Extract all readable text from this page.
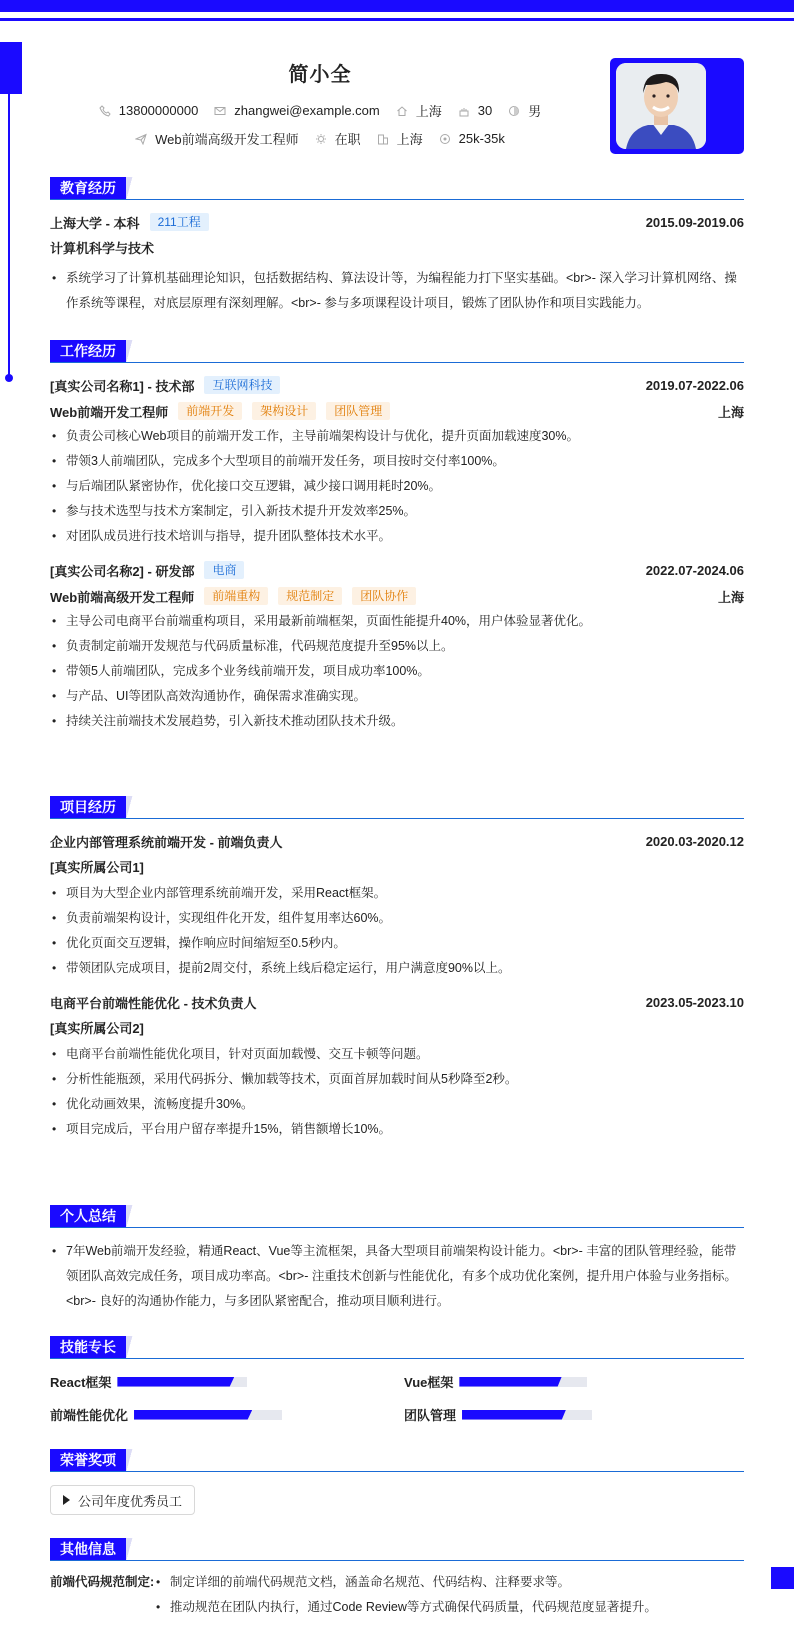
简小全
13800000000	zhangwei@example.com	上海	30	男
Web前端高级开发工程师	在职	上海	25k-35k
教育经历
上海大学 - 本科	211工程	2015.09-2019.06
计算机科学与技术
• 系统学习了计算机基础理论知识，包括数据结构、算法设计等，为编程能力打下坚实基础。<br>- 深入学习计算机网络、操作系统等课程，对底层原理有深刻理解。<br>- 参与多项课程设计项目，锻炼了团队协作和项目实践能力。
工作经历
[真实公司名称1] - 技术部	互联网科技	2019.07-2022.06
Web前端开发工程师	前端开发	架构设计	团队管理	上海
• 负责公司核心Web项目的前端开发工作，主导前端架构设计与优化，提升页面加载速度30%。
• 带领3人前端团队，完成多个大型项目的前端开发任务，项目按时交付率100%。
• 与后端团队紧密协作，优化接口交互逻辑，减少接口调用耗时20%。
• 参与技术选型与技术方案制定，引入新技术提升开发效率25%。
• 对团队成员进行技术培训与指导，提升团队整体技术水平。
[真实公司名称2] - 研发部	电商	2022.07-2024.06
Web前端高级开发工程师	前端重构	规范制定	团队协作	上海
• 主导公司电商平台前端重构项目，采用最新前端框架，页面性能提升40%，用户体验显著优化。
• 负责制定前端开发规范与代码质量标准，代码规范度提升至95%以上。
• 带领5人前端团队，完成多个业务线前端开发，项目成功率100%。
• 与产品、UI等团队高效沟通协作，确保需求准确实现。
• 持续关注前端技术发展趋势，引入新技术推动团队技术升级。
项目经历
企业内部管理系统前端开发 - 前端负责人	2020.03-2020.12
[真实所属公司1]
• 项目为大型企业内部管理系统前端开发，采用React框架。
• 负责前端架构设计，实现组件化开发，组件复用率达60%。
• 优化页面交互逻辑，操作响应时间缩短至0.5秒内。
• 带领团队完成项目，提前2周交付，系统上线后稳定运行，用户满意度90%以上。
电商平台前端性能优化 - 技术负责人	2023.05-2023.10
[真实所属公司2]
• 电商平台前端性能优化项目，针对页面加载慢、交互卡顿等问题。
• 分析性能瓶颈，采用代码拆分、懒加载等技术，页面首屏加载时间从5秒降至2秒。
• 优化动画效果，流畅度提升30%。
• 项目完成后，平台用户留存率提升15%，销售额增长10%。
个人总结
• 7年Web前端开发经验，精通React、Vue等主流框架，具备大型项目前端架构设计能力。<br>- 丰富的团队管理经验，能带领团队高效完成任务，项目成功率高。<br>- 注重技术创新与性能优化，有多个成功优化案例，提升用户体验与业务指标。<br>- 良好的沟通协作能力，与多团队紧密配合，推动项目顺利进行。
技能专长
React框架	Vue框架
前端性能优化	团队管理
荣誉奖项
公司年度优秀员工
其他信息
前端代码规范制定:
•	制定详细的前端代码规范文档，涵盖命名规范、代码结构、注释要求等。
• 推动规范在团队内执行，通过Code Review等方式确保代码质量，代码规范度显著提升。
